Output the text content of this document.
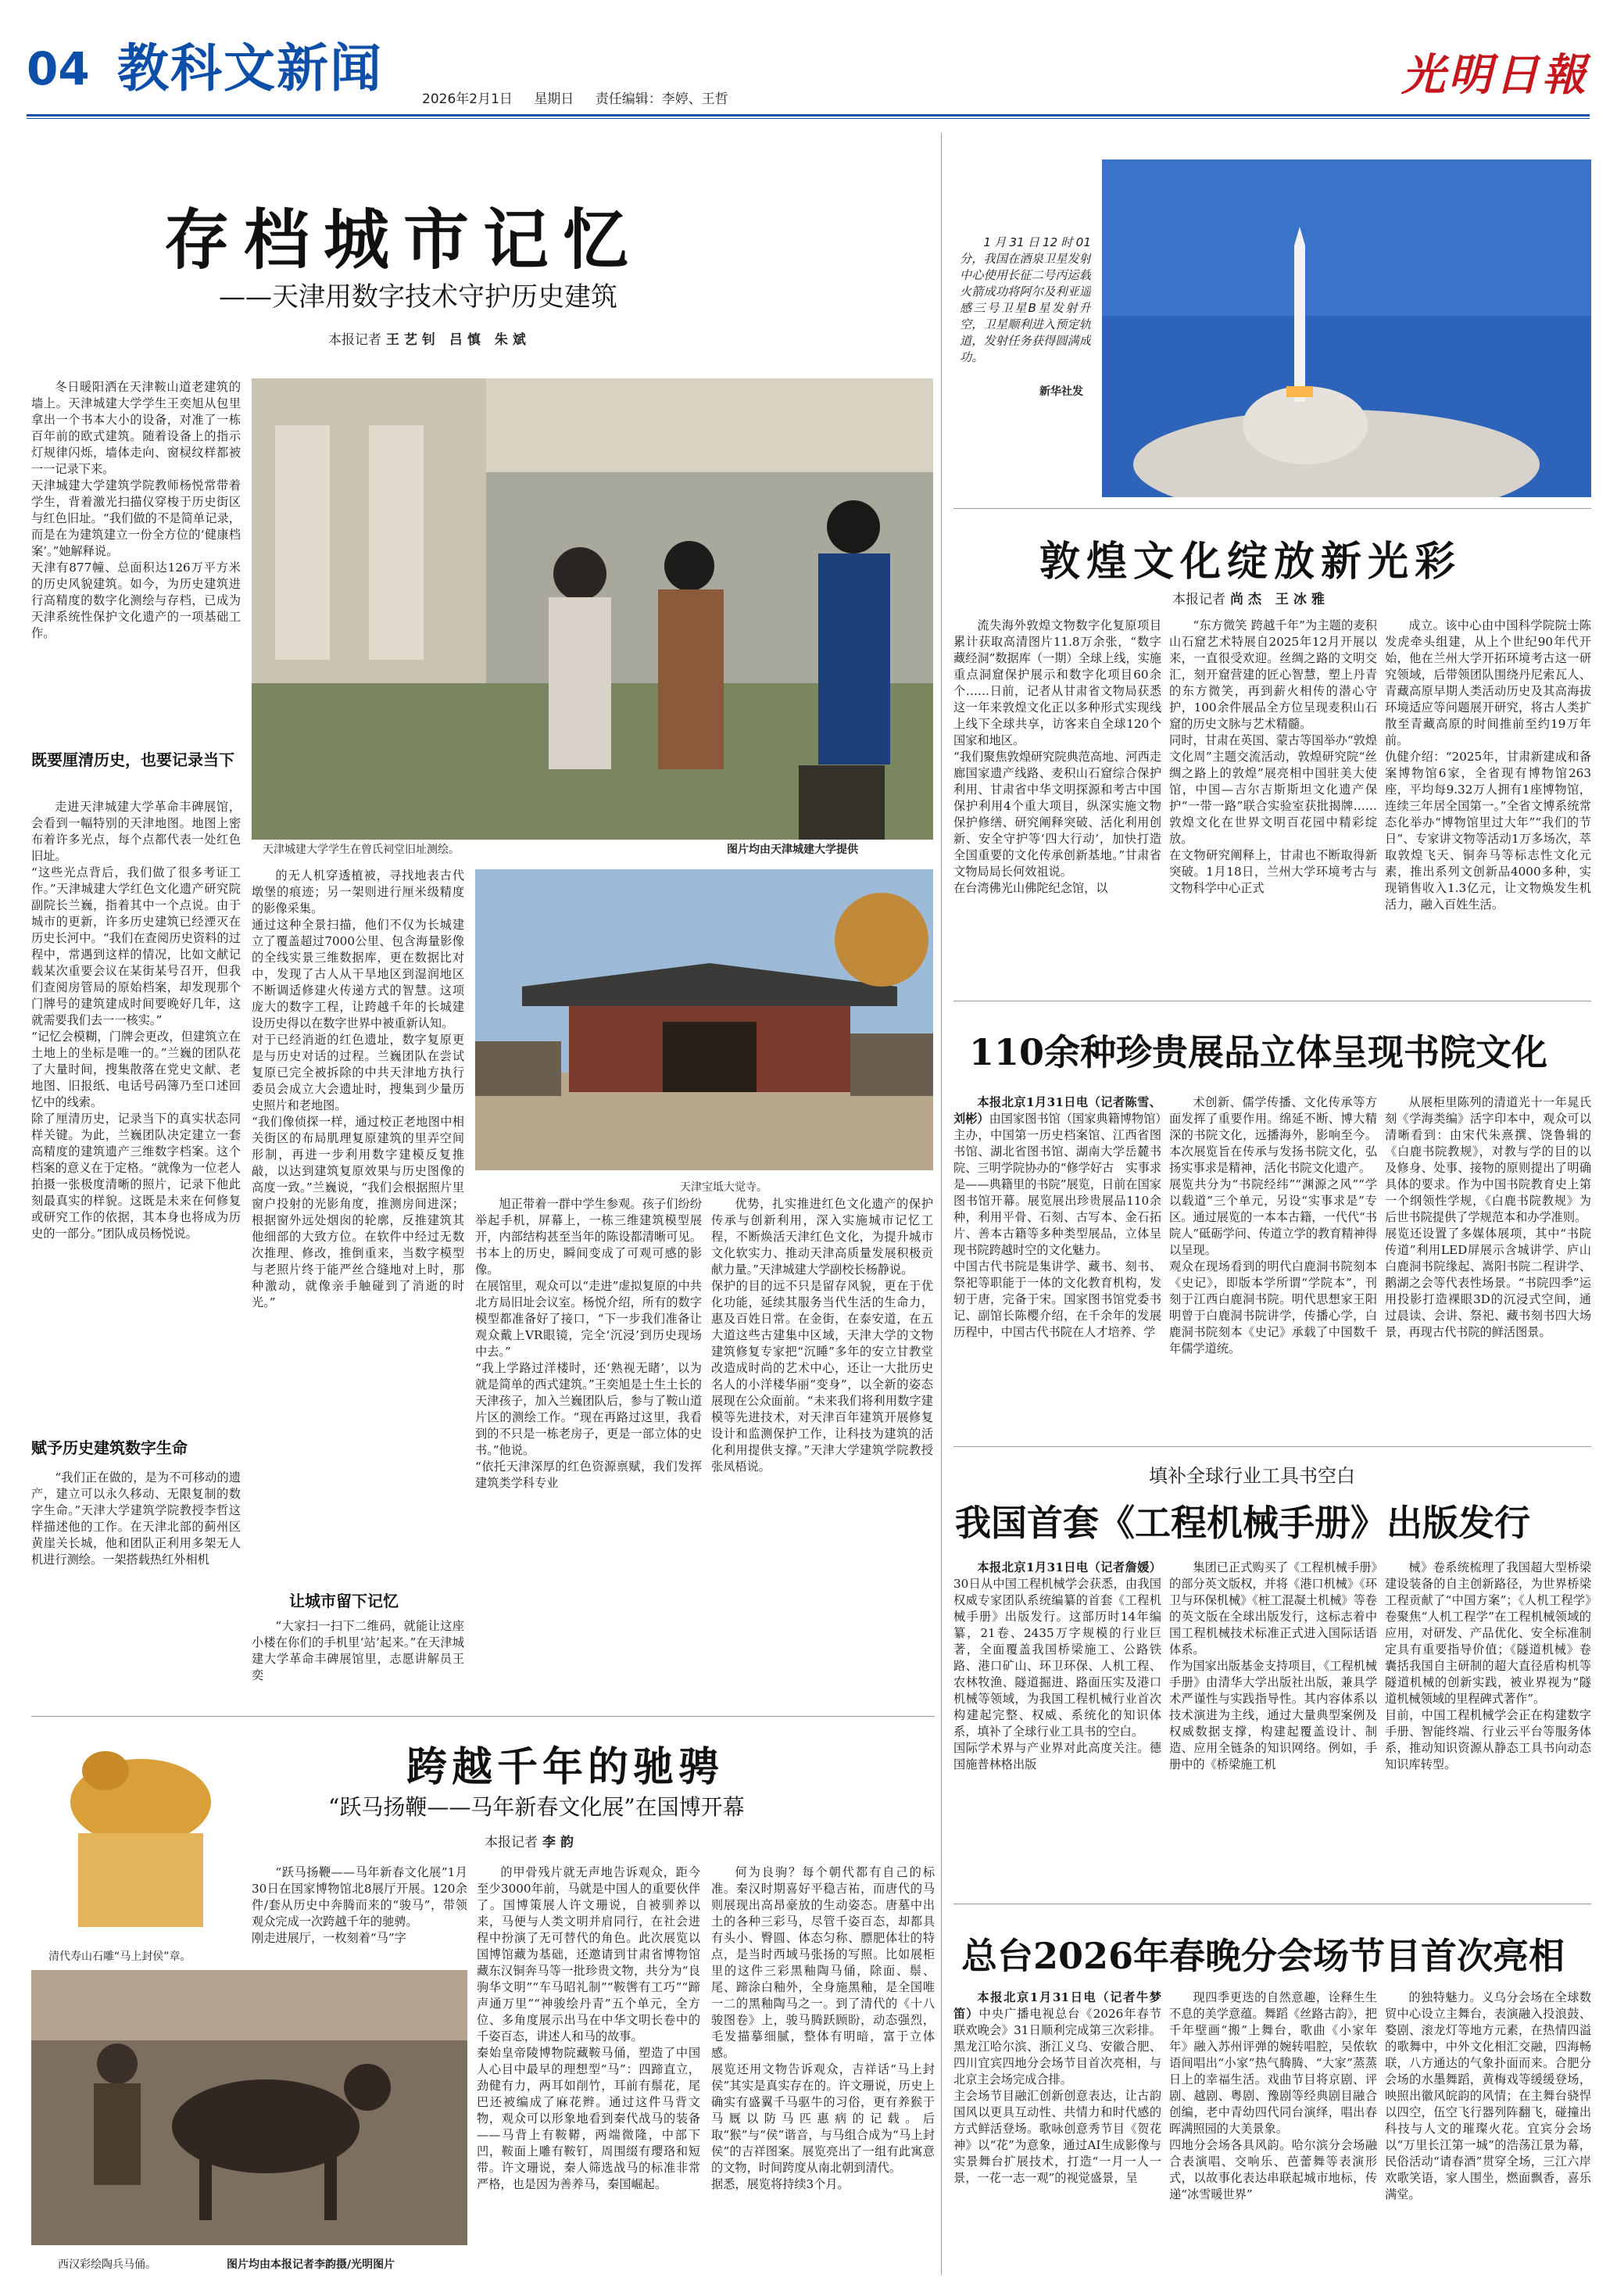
04 教科文新闻
2026年2月1日 星期日 责任编辑：李婷、王哲	光明日報
存档城市记忆
——天津用数字技术守护历史建筑
本报记者 王艺钊 吕慎 朱斌
冬日暖阳洒在天津鞍山道老建筑的墙上。天津城建大学学生王奕旭从包里拿出一个书本大小的设备，对准了一栋百年前的欧式建筑。随着设备上的指示灯规律闪烁，墙体走向、窗棂纹样都被一一记录下来。
天津城建大学建筑学院教师杨悦常带着学生，背着激光扫描仪穿梭于历史街区与红色旧址。“我们做的不是简单记录，而是在为建筑建立一份全方位的‘健康档案’。”她解释说。
天津有877幢、总面积达126万平方米的历史风貌建筑。如今，为历史建筑进行高精度的数字化测绘与存档，已成为天津系统性保护文化遗产的一项基础工作。
既要厘清历史，也要记录当下
走进天津城建大学革命丰碑展馆，会看到一幅特别的天津地图。地图上密布着许多光点，每个点都代表一处红色旧址。
“这些光点背后，我们做了很多考证工作。”天津城建大学红色文化遗产研究院副院长兰巍，指着其中一个点说。由于城市的更新，许多历史建筑已经湮灭在历史长河中。“我们在查阅历史资料的过程中，常遇到这样的情况，比如文献记载某次重要会议在某街某号召开，但我们查阅房管局的原始档案，却发现那个门牌号的建筑建成时间要晚好几年，这就需要我们去一一核实。”
“记忆会模糊，门牌会更改，但建筑立在土地上的坐标是唯一的。”兰巍的团队花了大量时间，搜集散落在党史文献、老地图、旧报纸、电话号码簿乃至口述回忆中的线索。
除了厘清历史，记录当下的真实状态同样关键。为此，兰巍团队决定建立一套高精度的建筑遗产三维数字档案。这个档案的意义在于定格。“就像为一位老人拍摄一张极度清晰的照片，记录下他此刻最真实的样貌。这既是未来在何修复或研究工作的依据，其本身也将成为历史的一部分。”团队成员杨悦说。
赋予历史建筑数字生命
“我们正在做的，是为不可移动的遗产，建立可以永久移动、无限复制的数字生命。”天津大学建筑学院教授李哲这样描述他的工作。在天津北部的蓟州区黄崖关长城，他和团队正利用多架无人机进行测绘。一架搭载热红外相机
天津城建大学学生在曾氏祠堂旧址测绘。	图片均由天津城建大学提供
天津宝坻大觉寺。
的无人机穿透植被，寻找地表古代墩堡的痕迹；另一架则进行厘米级精度的影像采集。
通过这种全景扫描，他们不仅为长城建立了覆盖超过7000公里、包含海量影像的全线实景三维数据库，更在数据比对中，发现了古人从干旱地区到湿润地区不断调适修建火传递方式的智慧。这项庞大的数字工程，让跨越千年的长城建设历史得以在数字世界中被重新认知。
对于已经消逝的红色遗址，数字复原更是与历史对话的过程。兰巍团队在尝试复原已完全被拆除的中共天津地方执行委员会成立大会遗址时，搜集到少量历史照片和老地图。
“我们像侦探一样，通过校正老地图中相关街区的布局肌理复原建筑的里弄空间形制，再进一步利用数字建模反复推敲，以达到建筑复原效果与历史图像的高度一致。”兰巍说，“我们会根据照片里窗户投射的光影角度，推测房间进深；根据窗外远处烟囱的轮廓，反推建筑其他细部的大致方位。在软件中经过无数次推理、修改，推倒重来，当数字模型与老照片终于能严丝合缝地对上时，那种激动，就像亲手触碰到了消逝的时光。”
让城市留下记忆
“大家扫一扫下二维码，就能让这座小楼在你们的手机里‘站’起来。”在天津城建大学革命丰碑展馆里，志愿讲解员王奕
旭正带着一群中学生参观。孩子们纷纷举起手机，屏幕上，一栋三维建筑模型展开，内部结构甚至当年的陈设都清晰可见。书本上的历史，瞬间变成了可观可感的影像。
在展馆里，观众可以“走进”虚拟复原的中共北方局旧址会议室。杨悦介绍，所有的数字模型都准备好了接口，“下一步我们准备让观众戴上VR眼镜，完全‘沉浸’到历史现场中去。”
“我上学路过洋楼时，还‘熟视无睹’，以为就是简单的西式建筑。”王奕旭是土生土长的天津孩子，加入兰巍团队后，参与了鞍山道片区的测绘工作。“现在再路过这里，我看到的不只是一栋老房子，更是一部立体的史书。”他说。
“依托天津深厚的红色资源禀赋，我们发挥建筑类学科专业
优势，扎实推进红色文化遗产的保护传承与创新利用，深入实施城市记忆工程，不断焕活天津红色文化，为提升城市文化软实力、推动天津高质量发展积极贡献力量。”天津城建大学副校长杨静说。
保护的目的远不只是留存风貌，更在于优化功能，延续其服务当代生活的生命力，惠及百姓日常。在金街，在泰安道，在五大道这些古建集中区域，天津大学的文物建筑修复专家把“沉睡”多年的安立甘教堂改造成时尚的艺术中心，还让一大批历史名人的小洋楼华丽“变身”，以全新的姿态展现在公众面前。“未来我们将利用数字建模等先进技术，对天津百年建筑开展修复设计和监测保护工作，让科技为建筑的活化利用提供支撑。”天津大学建筑学院教授张凤梧说。
清代寿山石雕“马上封侯”章。
跨越千年的驰骋
“跃马扬鞭——马年新春文化展”在国博开幕
本报记者 李韵
“跃马扬鞭——马年新春文化展”1月30日在国家博物馆北8展厅开展。120余件/套从历史中奔腾而来的“骏马”，带领观众完成一次跨越千年的驰骋。
刚走进展厅，一枚刻着“马”字
的甲骨残片就无声地告诉观众，距今至少3000年前，马就是中国人的重要伙伴了。国博策展人许文珊说，自被驯养以来，马便与人类文明并肩同行，在社会进程中扮演了无可替代的角色。此次展览以国博馆藏为基础，还邀请到甘肃省博物馆藏东汉铜奔马等一批珍贵文物，共分为“良驹华文明”“车马昭礼制”“鞍辔有工巧”“蹄声通万里”“神骏绘丹青”五个单元，全方位、多角度展示出马在中华文明长卷中的千姿百态，讲述人和马的故事。
秦始皇帝陵博物院藏鞍马俑，塑造了中国人心目中最早的理想型“马”：四蹄直立，劲健有力，两耳如削竹，耳前有鬃花，尾巴还被编成了麻花辫。通过这件马背文物，观众可以形象地看到秦代战马的装备——马背上有鞍鞯，两端微隆，中部下凹，鞍面上雕有鞍钉，周围缀有璎珞和短带。许文珊说，秦人筛选战马的标准非常严格，也是因为善养马，秦国崛起。
何为良驹？每个朝代都有自己的标准。秦汉时期喜好平稳吉祐，而唐代的马则展现出高昂豪放的生动姿态。唐墓中出土的各种三彩马，尽管千姿百态，却都具有头小、臀圆、体态匀称、膘肥体壮的特点，是当时西域马张扬的写照。比如展柜里的这件三彩黑釉陶马俑，除面、鬃、尾、蹄涂白釉外，全身施黑釉，是全国唯一二的黑釉陶马之一。到了清代的《十八骏图卷》上，骏马腾跃顾盼，动态强烈，毛发描摹细腻，整体有明暗，富于立体感。
展览还用文物告诉观众，吉祥话“马上封侯”其实是真实存在的。许文珊说，历史上确实有盛翼千马驱牛的习俗，更有养猴于马厩以防马匹惠病的记载。后取“猴”与“侯”谐音，与马组合成为“马上封侯”的吉祥图案。展览亮出了一组有此寓意的文物，时间跨度从南北朝到清代。
据悉，展览将持续3个月。
西汉彩绘陶兵马俑。	图片均由本报记者李韵摄/光明图片
1月31日12时01分，我国在酒泉卫星发射中心使用长征二号丙运载火箭成功将阿尔及利亚遥感三号卫星B星发射升空，卫星顺利进入预定轨道，发射任务获得圆满成功。
新华社发
敦煌文化绽放新光彩
本报记者 尚杰 王冰雅
流失海外敦煌文物数字化复原项目累计获取高清图片11.8万余张，“数字藏经洞”数据库（一期）全球上线，实施重点洞窟保护展示和数字化项目60余个……日前，记者从甘肃省文物局获悉这一年来敦煌文化正以多种形式实现线上线下全球共享，访客来自全球120个国家和地区。
“我们聚焦敦煌研究院典范高地、河西走廊国家遗产线路、麦积山石窟综合保护利用、甘肃省中华文明探源和考古中国保护利用4个重大项目，纵深实施文物保护修缮、研究阐释突破、活化利用创新、安全守护等‘四大行动’，加快打造全国重要的文化传承创新基地。”甘肃省文物局局长何效祖说。
在台湾佛光山佛陀纪念馆，以
“东方微笑 跨越千年”为主题的麦积山石窟艺术特展自2025年12月开展以来，一直很受欢迎。丝绸之路的文明交汇，刻开窟营建的匠心智慧，塑上丹青的东方微笑，再到薪火相传的潜心守护，100余件展品全方位呈现麦积山石窟的历史文脉与艺术精髓。
同时，甘肃在英国、蒙古等国举办“敦煌文化周”主题交流活动，敦煌研究院“丝绸之路上的敦煌”展亮相中国驻美大使馆，中国—吉尔吉斯斯坦文化遗产保护“一带一路”联合实验室获批揭牌……敦煌文化在世界文明百花园中精彩绽放。
在文物研究阐释上，甘肃也不断取得新突破。1月18日，兰州大学环境考古与文物科学中心正式
成立。该中心由中国科学院院士陈发虎牵头组建，从上个世纪90年代开始，他在兰州大学开拓环境考古这一研究领域，后带领团队围绕丹尼索瓦人、青藏高原早期人类活动历史及其高海拔环境适应等问题展开研究，将古人类扩散至青藏高原的时间推前至约19万年前。
仇健介绍：“2025年，甘肃新建成和备案博物馆6家，全省现有博物馆263座，平均每9.32万人拥有1座博物馆，连续三年居全国第一。”全省文博系统常态化举办“博物馆里过大年”“我们的节日”、专家讲文物等活动1万多场次，萃取敦煌飞天、铜奔马等标志性文化元素，推出系列文创新品4000多种，实现销售收入1.3亿元，让文物焕发生机活力，融入百姓生活。
110余种珍贵展品立体呈现书院文化
本报北京1月31日电（记者陈雪、刘彬）由国家图书馆（国家典籍博物馆）主办，中国第一历史档案馆、江西省图书馆、湖北省图书馆、湖南大学岳麓书院、三明学院协办的“修学好古　实事求是——典籍里的书院”展览，日前在国家图书馆开幕。展览展出珍贵展品110余种，利用平骨、石刻、古写本、金石拓片、善本古籍等多种类型展品，立体呈现书院跨越时空的文化魅力。
中国古代书院是集讲学、藏书、刻书、祭祀等职能于一体的文化教育机构，发轫于唐，完备于宋。国家图书馆党委书记、副馆长陈樱介绍，在千余年的发展历程中，中国古代书院在人才培养、学
术创新、儒学传播、文化传承等方面发挥了重要作用。绵延不断、博大精深的书院文化，远播海外，影响至今。本次展览旨在传承与发扬书院文化，弘扬实事求是精神，活化书院文化遗产。
展览共分为“书院经纬”“渊源之风”“学以载道”三个单元，另设“实事求是”专区。通过展览的一本本古籍，一代代“书院人”砥砺学问、传道立学的教育精神得以呈现。
观众在现场看到的明代白鹿洞书院刻本《史记》，即版本学所谓“学院本”，刊刻于江西白鹿洞书院。明代思想家王阳明曾于白鹿洞书院讲学，传播心学，白鹿洞书院刻本《史记》承载了中国数千年儒学道统。
从展柜里陈列的清道光十一年晁氏刻《学海类编》活字印本中，观众可以清晰看到：由宋代朱熹撰、饶鲁辑的《白鹿书院教规》，对教与学的目的以及修身、处事、接物的原则提出了明确具体的要求。作为中国书院教育史上第一个纲领性学规，《白鹿书院教规》为后世书院提供了学规范本和办学准则。
展览还设置了多媒体展项，其中“书院传道”利用LED屏展示含城讲学、庐山白鹿洞书院缘起、嵩阳书院二程讲学、鹅湖之会等代表性场景。“书院四季”运用投影打造裸眼3D的沉浸式空间，通过晨读、会讲、祭祀、藏书刻书四大场景，再现古代书院的鲜活图景。
填补全球行业工具书空白
我国首套《工程机械手册》出版发行
本报北京1月31日电（记者詹媛）30日从中国工程机械学会获悉，由我国权威专家团队系统编纂的首套《工程机械手册》出版发行。这部历时14年编纂，21卷、2435万字规模的行业巨著，全面覆盖我国桥梁施工、公路铁路、港口矿山、环卫环保、人机工程、农林牧渔、隧道掘进、路面压实及港口机械等领域，为我国工程机械行业首次构建起完整、权威、系统化的知识体系，填补了全球行业工具书的空白。
国际学术界与产业界对此高度关注。德国施普林格出版
集团已正式购买了《工程机械手册》的部分英文版权，并将《港口机械》《环卫与环保机械》《桩工混凝土机械》等卷的英文版在全球出版发行，这标志着中国工程机械技术标准正式进入国际话语体系。
作为国家出版基金支持项目，《工程机械手册》由清华大学出版社出版，兼具学术严谨性与实践指导性。其内容体系以技术演进为主线，通过大量典型案例及权威数据支撑，构建起覆盖设计、制造、应用全链条的知识网络。例如，手册中的《桥梁施工机
械》卷系统梳理了我国超大型桥梁建设装备的自主创新路径，为世界桥梁工程贡献了“中国方案”；《人机工程学》卷聚焦“人机工程学”在工程机械领域的应用，对研发、产品优化、安全标准制定具有重要指导价值；《隧道机械》卷囊括我国自主研制的超大直径盾构机等隧道机械的创新实践，被业界视为“隧道机械领域的里程碑式著作”。
目前，中国工程机械学会正在构建数字手册、智能终端、行业云平台等服务体系，推动知识资源从静态工具书向动态知识库转型。
总台2026年春晚分会场节目首次亮相
本报北京1月31日电（记者牛梦笛）中央广播电视总台《2026年春节联欢晚会》31日顺利完成第三次彩排。黑龙江哈尔滨、浙江义乌、安徽合肥、四川宜宾四地分会场节目首次亮相，与北京主会场完成合排。
主会场节目融汇创新创意表达，让古韵国风以更具互动性、共情力和时代感的方式鲜活登场。歌咏创意秀节目《贺花神》以“花”为意象，通过AI生成影像与实景舞台扩展技术，打造“一月一人一景，一花一志一观”的视觉盛景，呈
现四季更迭的自然意趣，诠释生生不息的美学意蕴。舞蹈《丝路古韵》，把千年壁画“搬”上舞台，歌曲《小家年年》融入苏州评弹的婉转唱腔，吴侬软语间唱出“小家”热气腾腾、“大家”蒸蒸日上的幸福生活。戏曲节目将京剧、评剧、越剧、粤剧、豫剧等经典剧目融合创编，老中青幼四代同台演绎，唱出春晖满照园的大美景象。
四地分会场各具风韵。哈尔滨分会场融合表演唱、交响乐、芭蕾舞等表演形式，以故事化表达串联起城市地标，传递“冰雪暖世界”
的独特魅力。义乌分会场在全球数贸中心设立主舞台，表演融入投浪鼓、婺剧、滚龙灯等地方元素，在热情四溢的歌舞中，中外文化相汇交融，四海畅联，八方通达的气象扑面而来。合肥分会场的水墨舞蹈，黄梅戏等缓缓登场，映照出徽风皖韵的风情；在主舞台骁悍以四空，伍空飞行器列阵翻飞，碰撞出科技与人文的璀璨火花。宜宾分会场以“万里长江第一城”的浩荡江景为幕，民俗活动“请春酒”贯穿全场，三江六岸欢歌笑语，家人围坐，燃面飘香，喜乐满堂。
